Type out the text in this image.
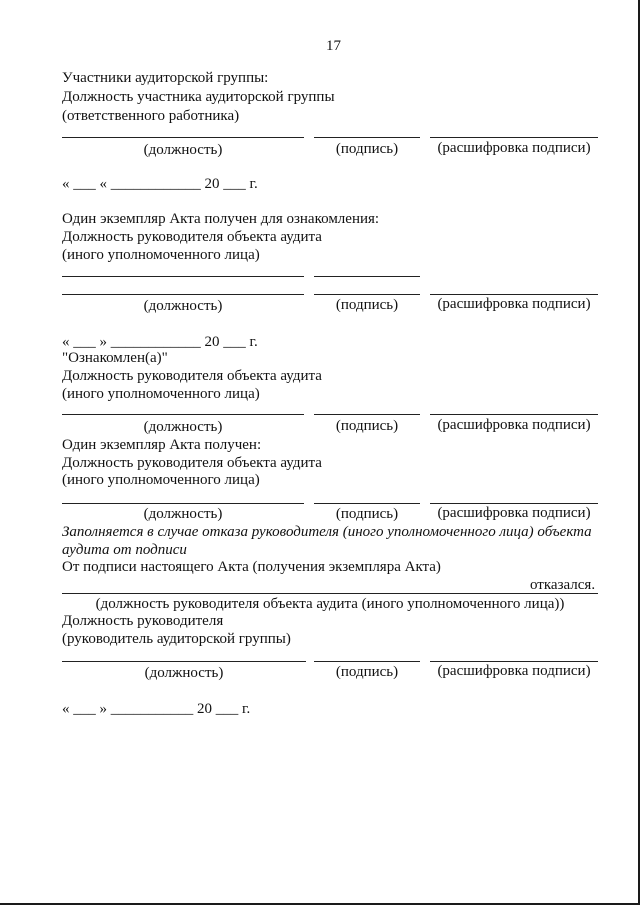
17
Участники аудиторской группы:
Должность участника аудиторской группы
(ответственного работника)
(должность)	(подпись)	(расшифровка подписи)
« ___ « ____________ 20 ___ г.
Один экземпляр Акта получен для ознакомления:
Должность руководителя объекта аудита
(иного уполномоченного лица)
(должность)	(подпись)	(расшифровка подписи)
« ___ » ____________ 20 ___ г.
"Ознакомлен(а)"
Должность руководителя объекта аудита
(иного уполномоченного лица)
(должность)	(подпись)	(расшифровка подписи)
Один экземпляр Акта получен:
Должность руководителя объекта аудита
(иного уполномоченного лица)
(должность)	(подпись)	(расшифровка подписи)
Заполняется в случае отказа руководителя (иного уполномоченного лица) объекта
аудита от подписи
От подписи настоящего Акта (получения экземпляра Акта)
отказался.
(должность руководителя объекта аудита (иного уполномоченного лица))
Должность руководителя
(руководитель аудиторской группы)
(должность)	(подпись)	(расшифровка подписи)
« ___ » ___________ 20 ___ г.
